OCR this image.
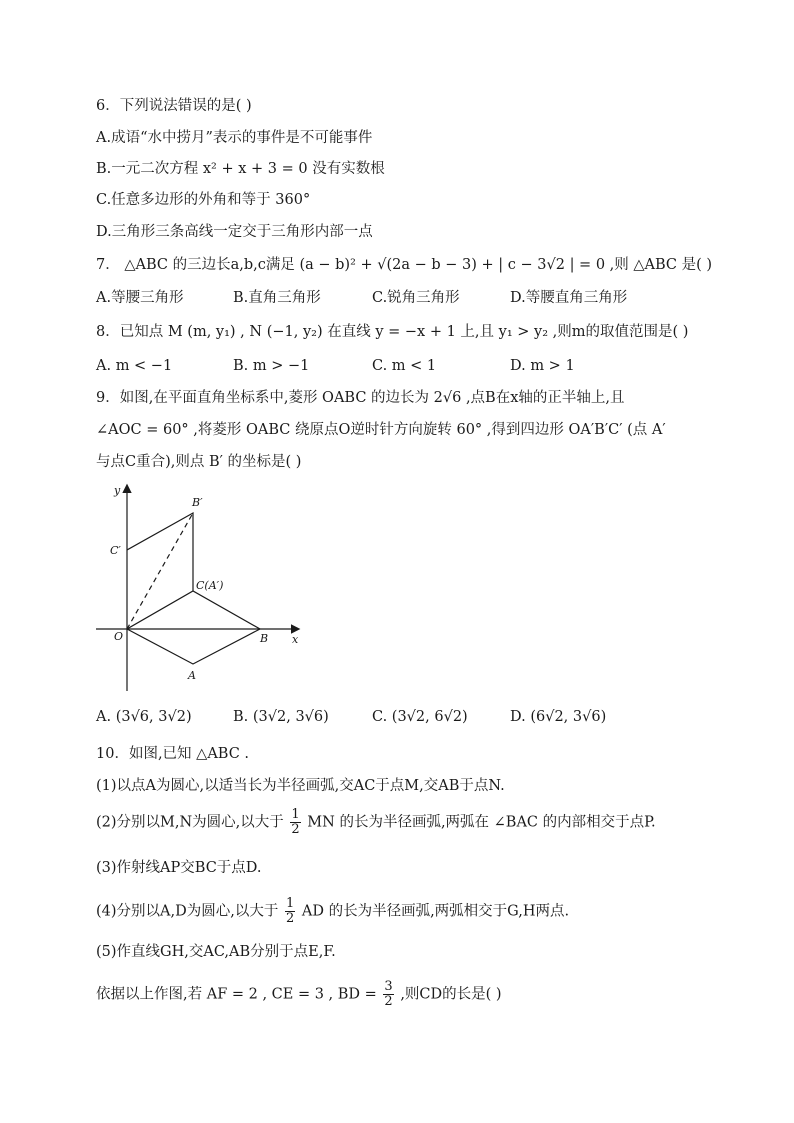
6．下列说法错误的是( )
A.成语“水中捞月”表示的事件是不可能事件
B.一元二次方程 x² + x + 3 = 0 没有实数根
C.任意多边形的外角和等于 360°
D.三角形三条高线一定交于三角形内部一点
7． △ABC 的三边长a,b,c满足 (a − b)² + √(2a − b − 3) + | c − 3√2 | = 0 ,则 △ABC 是( )
A.等腰三角形	B.直角三角形	C.锐角三角形	D.等腰直角三角形
8．已知点 M (m, y₁) , N (−1, y₂) 在直线 y = −x + 1 上,且 y₁ > y₂ ,则m的取值范围是( )
A. m < −1	B. m > −1	C. m < 1	D. m > 1
9．如图,在平面直角坐标系中,菱形 OABC 的边长为 2√6 ,点B在x轴的正半轴上,且
∠AOC = 60° ,将菱形 OABC 绕原点O逆时针方向旋转 60° ,得到四边形 OA′B′C′ (点 A′
与点C重合),则点 B′ 的坐标是( )
y
x
O
A
B
C(A′)
B′
C′
A. (3√6, 3√2)	B. (3√2, 3√6)	C. (3√2, 6√2)	D. (6√2, 3√6)
10．如图,已知 △ABC .
(1)以点A为圆心,以适当长为半径画弧,交AC于点M,交AB于点N.
(2)分别以M,N为圆心,以大于 $\frac{1}{2}$ MN 的长为半径画弧,两弧在 ∠BAC 的内部相交于点P.
(3)作射线AP交BC于点D.
(4)分别以A,D为圆心,以大于 $\frac{1}{2}$ AD 的长为半径画弧,两弧相交于G,H两点.
(5)作直线GH,交AC,AB分别于点E,F.
依据以上作图,若 AF = 2 , CE = 3 , BD = $\frac{3}{2}$ ,则CD的长是( )
